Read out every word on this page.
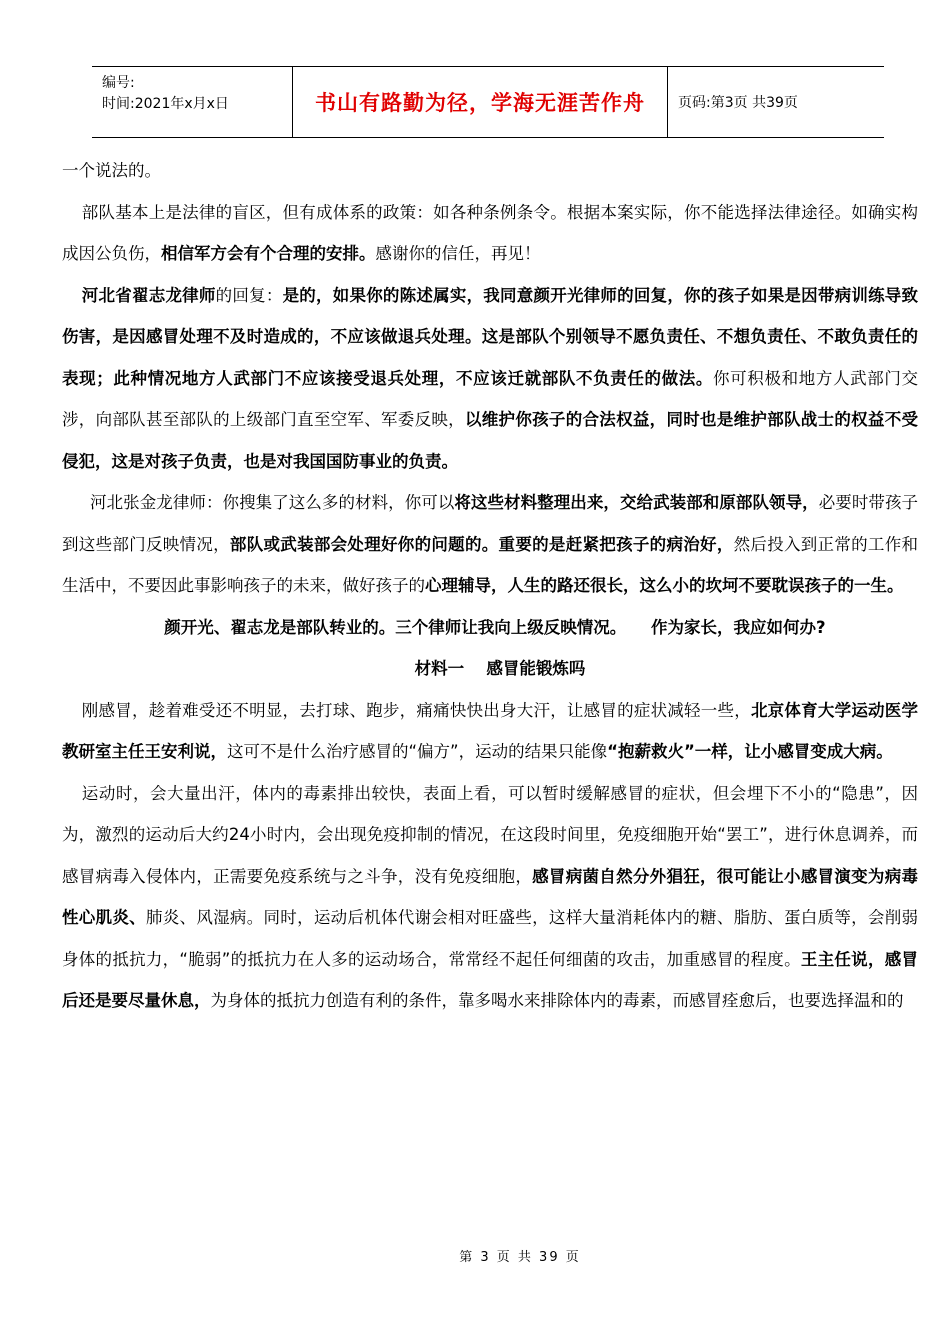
编号:
时间:2021年x月x日	书山有路勤为径，学海无涯苦作舟	页码:第3页 共39页

一个说法的。

部队基本上是法律的盲区，但有成体系的政策：如各种条例条令。根据本案实际，你不能选择法律途径。如确实构成因公负伤，相信军方会有个合理的安排。感谢你的信任，再见！

河北省翟志龙律师的回复：是的，如果你的陈述属实，我同意颜开光律师的回复，你的孩子如果是因带病训练导致伤害，是因感冒处理不及时造成的，不应该做退兵处理。这是部队个别领导不愿负责任、不想负责任、不敢负责任的表现；此种情况地方人武部门不应该接受退兵处理，不应该迁就部队不负责任的做法。你可积极和地方人武部门交涉，向部队甚至部队的上级部门直至空军、军委反映，以维护你孩子的合法权益，同时也是维护部队战士的权益不受侵犯，这是对孩子负责，也是对我国国防事业的负责。

河北张金龙律师：你搜集了这么多的材料，你可以将这些材料整理出来，交给武装部和原部队领导，必要时带孩子到这些部门反映情况，部队或武装部会处理好你的问题的。重要的是赶紧把孩子的病治好，然后投入到正常的工作和生活中，不要因此事影响孩子的未来，做好孩子的心理辅导，人生的路还很长，这么小的坎坷不要耽误孩子的一生。

颜开光、翟志龙是部队转业的。三个律师让我向上级反映情况。　　 作为家长，我应如何办?

材料一　 感冒能锻炼吗

刚感冒，趁着难受还不明显，去打球、跑步，痛痛快快出身大汗，让感冒的症状减轻一些，北京体育大学运动医学教研室主任王安利说，这可不是什么治疗感冒的“偏方”，运动的结果只能像“抱薪救火”一样，让小感冒变成大病。

运动时，会大量出汗，体内的毒素排出较快，表面上看，可以暂时缓解感冒的症状，但会埋下不小的“隐患”，因为，激烈的运动后大约24小时内，会出现免疫抑制的情况，在这段时间里，免疫细胞开始“罢工”，进行休息调养，而感冒病毒入侵体内，正需要免疫系统与之斗争，没有免疫细胞，感冒病菌自然分外猖狂，很可能让小感冒演变为病毒性心肌炎、肺炎、风湿病。同时，运动后机体代谢会相对旺盛些，这样大量消耗体内的糖、脂肪、蛋白质等，会削弱身体的抵抗力，“脆弱”的抵抗力在人多的运动场合，常常经不起任何细菌的攻击，加重感冒的程度。王主任说，感冒后还是要尽量休息，为身体的抵抗力创造有利的条件，靠多喝水来排除体内的毒素，而感冒痊愈后，也要选择温和的

第 3 页 共 39 页
